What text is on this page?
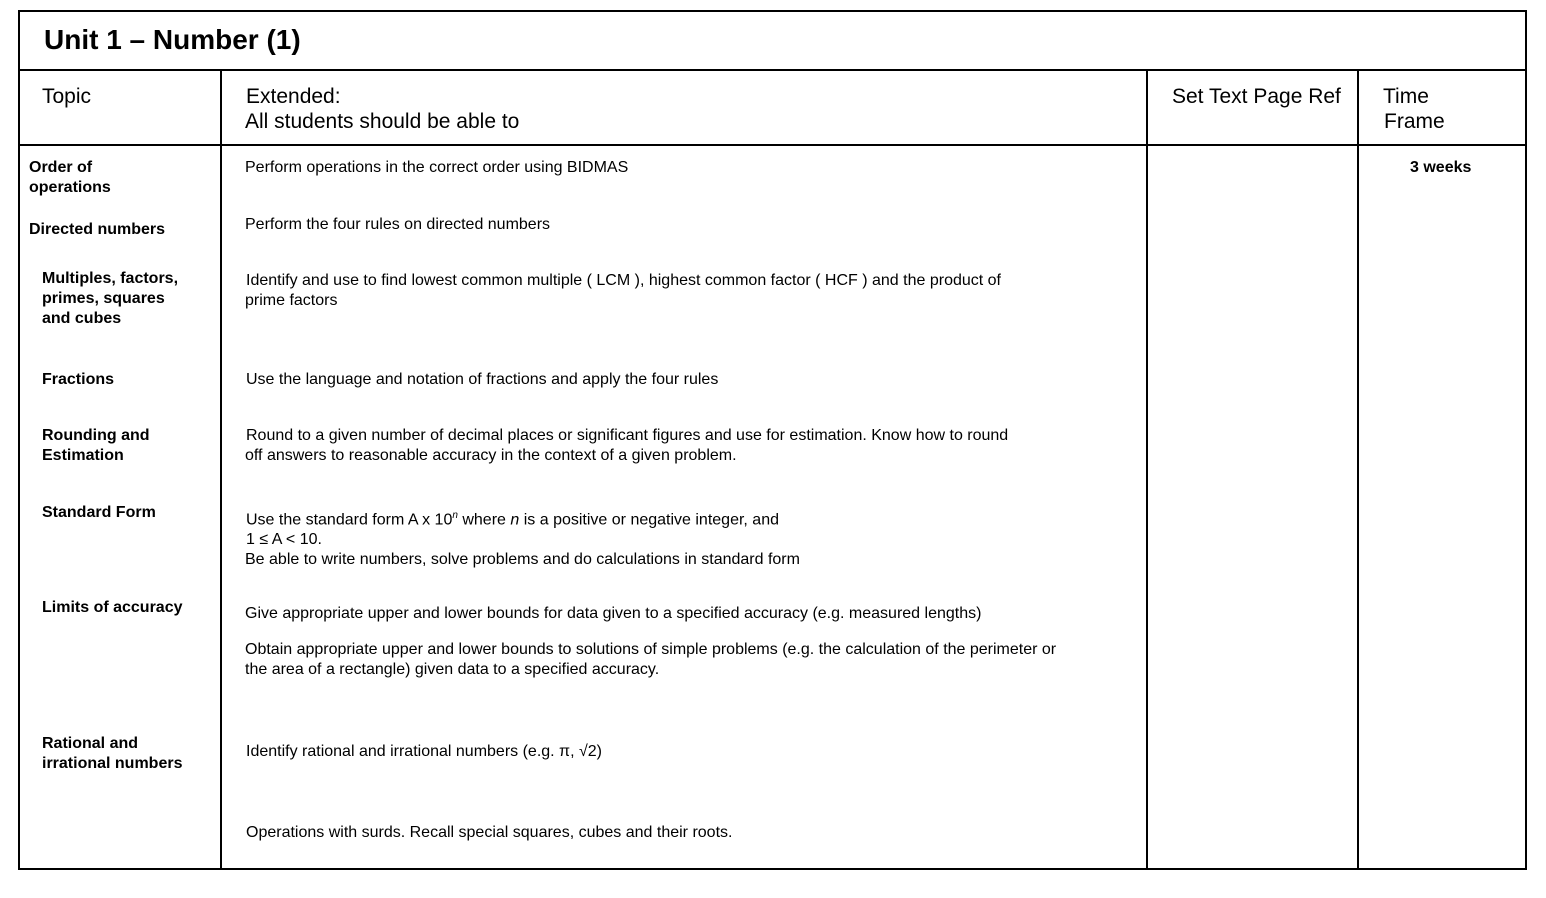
Unit 1 – Number (1)
Topic	Extended:
All students should be able to
Set Text Page Ref Time
Frame
3 weeks
Order of
operations
Directed numbers
Multiples, factors,
primes, squares
and cubes
Fractions
Rounding and
Estimation
Standard Form
Limits of accuracy
Rational and
irrational numbers
Perform operations in the correct order using BIDMAS
Perform the four rules on directed numbers
Identify and use to find lowest common multiple ( LCM ), highest common factor ( HCF ) and the product of
prime factors
Use the language and notation of fractions and apply the four rules
Round to a given number of decimal places or significant figures and use for estimation. Know how to round
off answers to reasonable accuracy in the context of a given problem.
Use the standard form A x 10$^n$ where n is a positive or negative integer, and
1 ≤ A < 10.
Be able to write numbers, solve problems and do calculations in standard form
Give appropriate upper and lower bounds for data given to a specified accuracy (e.g. measured lengths)
Obtain appropriate upper and lower bounds to solutions of simple problems (e.g. the calculation of the perimeter or
the area of a rectangle) given data to a specified accuracy.
Identify rational and irrational numbers (e.g. π, √2)
Operations with surds. Recall special squares, cubes and their roots.
